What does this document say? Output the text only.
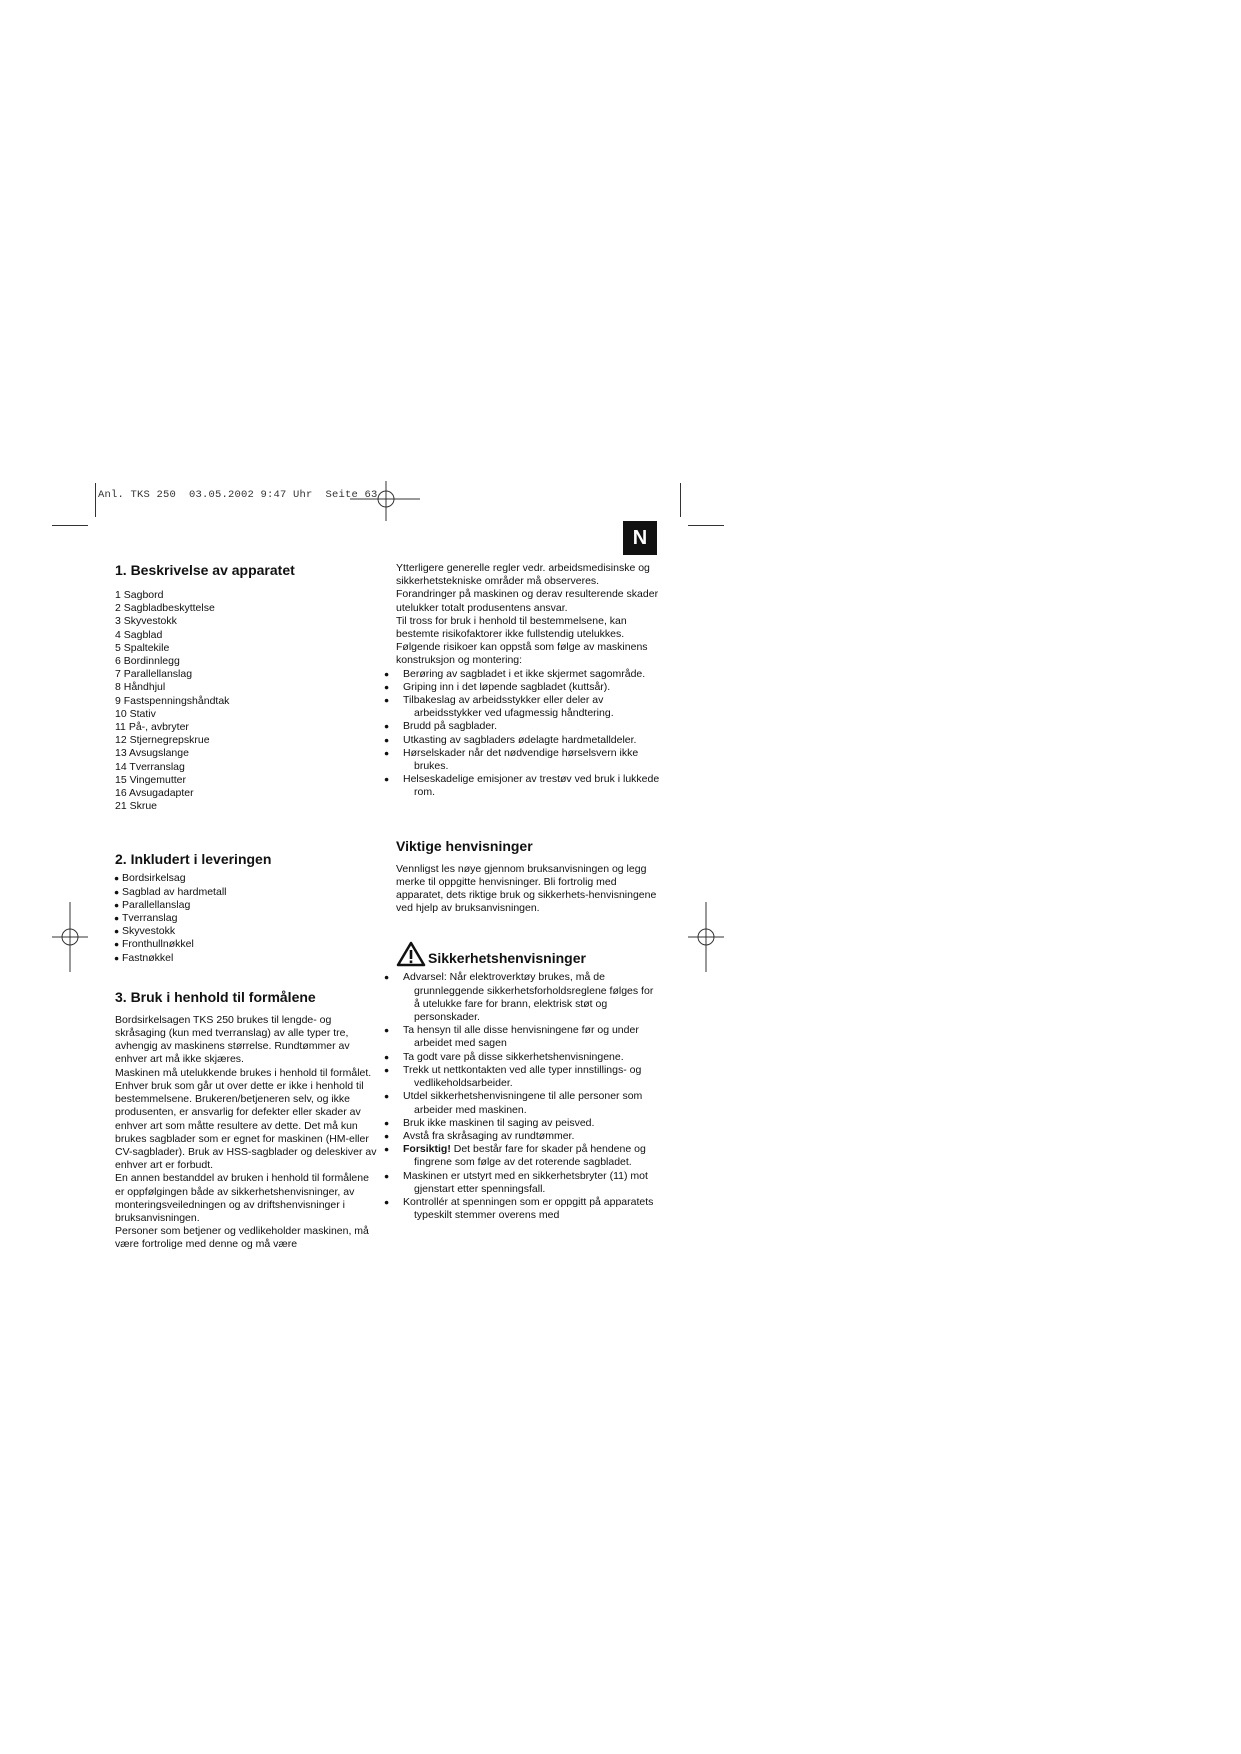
Anl. TKS 250  03.05.2002 9:47 Uhr  Seite 63
N
1. Beskrivelse av apparatet
1 Sagbord
2 Sagbladbeskyttelse
3 Skyvestokk
4 Sagblad
5 Spaltekile
6 Bordinnlegg
7 Parallellanslag
8 Håndhjul
9 Fastspenningshåndtak
10 Stativ
11 På-, avbryter
12 Stjernegrepskrue
13 Avsugslange
14 Tverranslag
15 Vingemutter
16 Avsugadapter
21 Skrue
2. Inkludert i leveringen
● Bordsirkelsag
● Sagblad av hardmetall
● Parallellanslag
● Tverranslag
● Skyvestokk
● Fronthullnøkkel
● Fastnøkkel
3. Bruk i henhold til formålene

Bordsirkelsagen TKS 250 brukes til lengde- og skråsaging (kun med tverranslag) av alle typer tre, avhengig av maskinens størrelse. Rundtømmer av enhver art må ikke skjæres.

Maskinen må utelukkende brukes i henhold til formålet.

Enhver bruk som går ut over dette er ikke i henhold til bestemmelsene. Brukeren/betjeneren selv, og ikke produsenten, er ansvarlig for defekter eller skader av enhver art som måtte resultere av dette. Det må kun brukes sagblader som er egnet for maskinen (HM-eller CV-sagblader). Bruk av HSS-sagblader og deleskiver av enhver art er forbudt.

En annen bestanddel av bruken i henhold til formålene er oppfølgingen både av sikkerhetshenvisninger, av monteringsveiledningen og av driftshenvisninger i bruksanvisningen.

Personer som betjener og vedlikeholder maskinen, må være fortrolige med denne og må være

Ytterligere generelle regler vedr. arbeidsmedisinske og sikkerhetstekniske områder må observeres.

Forandringer på maskinen og derav resulterende skader utelukker totalt produsentens ansvar.

Til tross for bruk i henhold til bestemmelsene, kan bestemte risikofaktorer ikke fullstendig utelukkes. Følgende risikoer kan oppstå som følge av maskinens konstruksjon og montering:

● Berøring av sagbladet i et ikke skjermet sagområde.
● Griping inn i det løpende sagbladet (kuttsår).
● Tilbakeslag av arbeidsstykker eller deler av arbeidsstykker ved ufagmessig håndtering.
● Brudd på sagblader.
● Utkasting av sagbladers ødelagte hardmetalldeler.
● Hørselskader når det nødvendige hørselsvern ikke brukes.
● Helseskadelige emisjoner av trestøv ved bruk i lukkede rom.
Viktige henvisninger

Vennligst les nøye gjennom bruksanvisningen og legg merke til oppgitte henvisninger. Bli fortrolig med apparatet, dets riktige bruk og sikkerhets-henvisningene ved hjelp av bruksanvisningen.

Sikkerhetshenvisninger
● Advarsel: Når elektroverktøy brukes, må de grunnleggende sikkerhetsforholdsreglene følges for å utelukke fare for brann, elektrisk støt og personskader.
● Ta hensyn til alle disse henvisningene før og under arbeidet med sagen
● Ta godt vare på disse sikkerhetshenvisningene.
● Trekk ut nettkontakten ved alle typer innstillings- og vedlikeholdsarbeider.
● Utdel sikkerhetshenvisningene til alle personer som arbeider med maskinen.
● Bruk ikke maskinen til saging av peisved.
● Avstå fra skråsaging av rundtømmer.
● Forsiktig! Det består fare for skader på hendene og fingrene som følge av det roterende sagbladet.
● Maskinen er utstyrt med en sikkerhetsbryter (11) mot gjenstart etter spenningsfall.
● Kontrollér at spenningen som er oppgitt på apparatets typeskilt stemmer overens med
